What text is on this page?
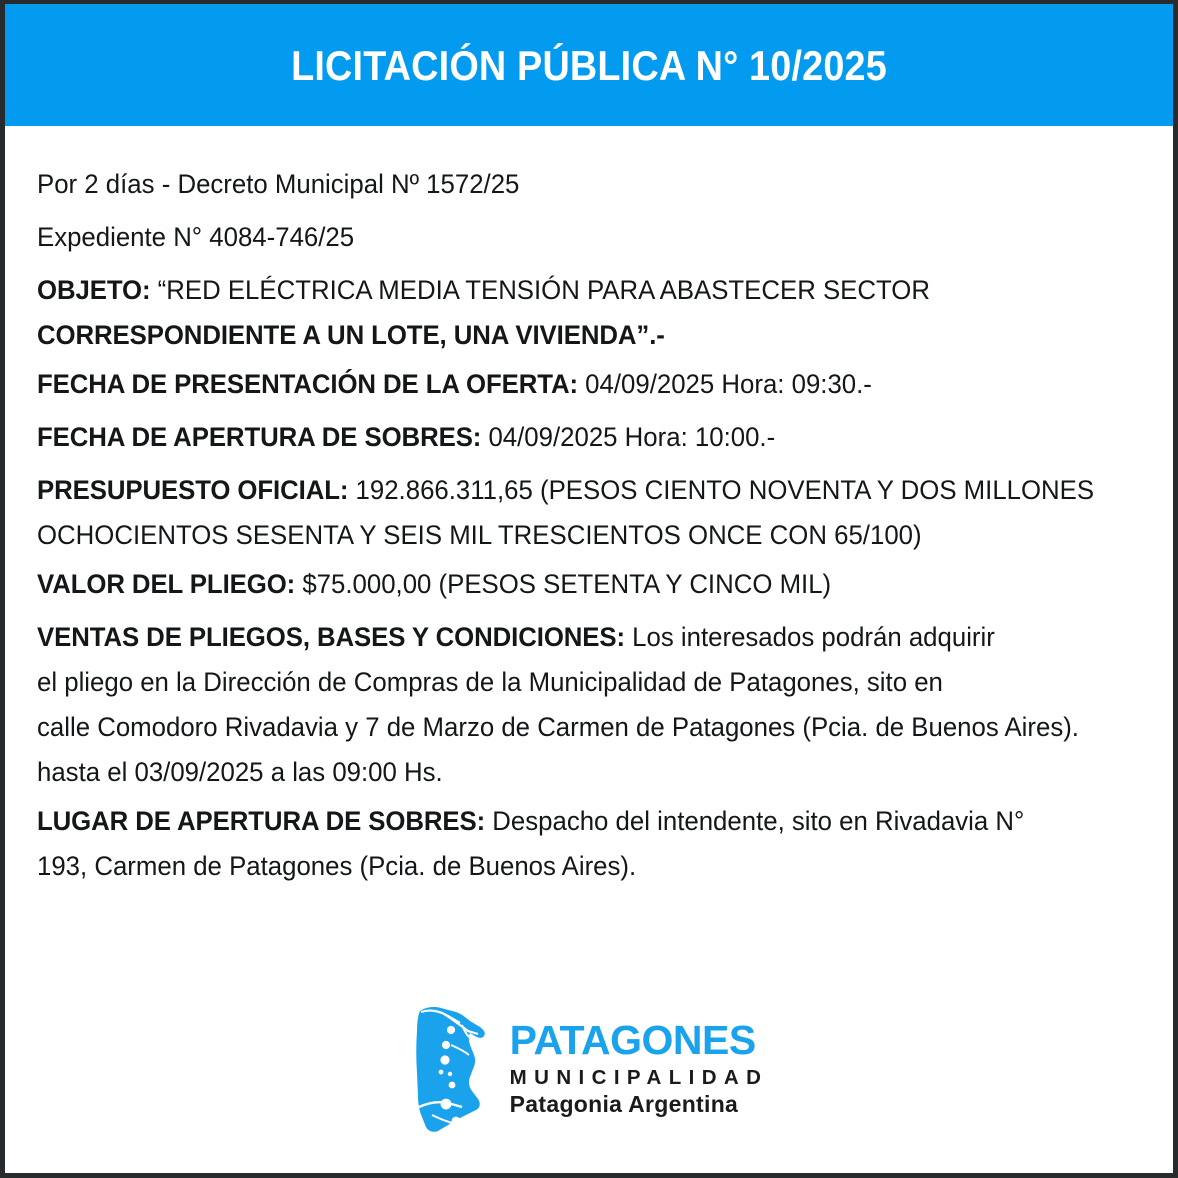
LICITACIÓN PÚBLICA N° 10/2025

Por 2 días - Decreto Municipal Nº 1572/25

Expediente N° 4084-746/25

OBJETO: “RED ELÉCTRICA MEDIA TENSIÓN PARA ABASTECER SECTOR
CORRESPONDIENTE A UN LOTE, UNA VIVIENDA”.-

FECHA DE PRESENTACIÓN DE LA OFERTA: 04/09/2025 Hora: 09:30.-

FECHA DE APERTURA DE SOBRES: 04/09/2025 Hora: 10:00.-

PRESUPUESTO OFICIAL: 192.866.311,65 (PESOS CIENTO NOVENTA Y DOS MILLONES
OCHOCIENTOS SESENTA Y SEIS MIL TRESCIENTOS ONCE CON 65/100)

VALOR DEL PLIEGO: $75.000,00 (PESOS SETENTA Y CINCO MIL)

VENTAS DE PLIEGOS, BASES Y CONDICIONES: Los interesados podrán adquirir
el pliego en la Dirección de Compras de la Municipalidad de Patagones, sito en
calle Comodoro Rivadavia y 7 de Marzo de Carmen de Patagones (Pcia. de Buenos Aires).
hasta el 03/09/2025 a las 09:00 Hs.

LUGAR DE APERTURA DE SOBRES: Despacho del intendente, sito en Rivadavia N°
193, Carmen de Patagones (Pcia. de Buenos Aires).

PATAGONES
MUNICIPALIDAD
Patagonia Argentina
